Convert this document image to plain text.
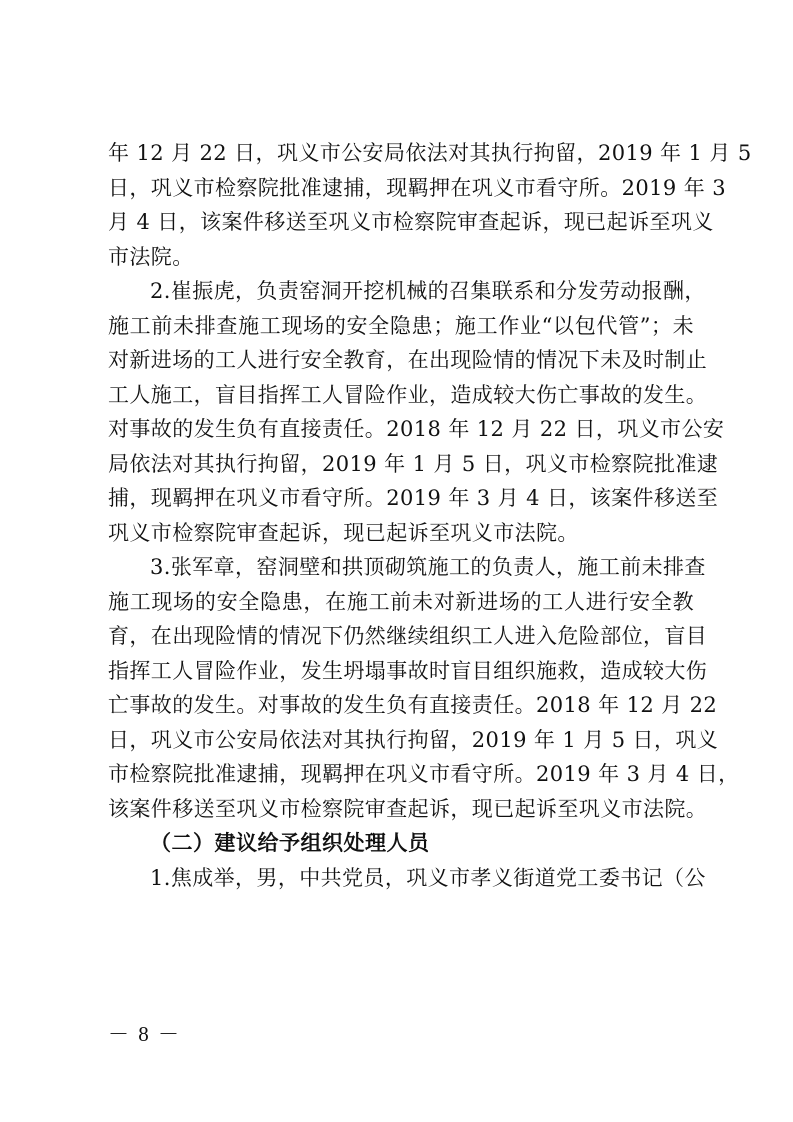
年 12 月 22 日，巩义市公安局依法对其执行拘留，2019 年 1 月 5
日，巩义市检察院批准逮捕，现羁押在巩义市看守所。2019 年 3
月 4 日，该案件移送至巩义市检察院审查起诉，现已起诉至巩义
市法院。

2.崔振虎，负责窑洞开挖机械的召集联系和分发劳动报酬，
施工前未排查施工现场的安全隐患；施工作业“以包代管”；未
对新进场的工人进行安全教育，在出现险情的情况下未及时制止
工人施工，盲目指挥工人冒险作业，造成较大伤亡事故的发生。
对事故的发生负有直接责任。2018 年 12 月 22 日，巩义市公安
局依法对其执行拘留，2019 年 1 月 5 日，巩义市检察院批准逮
捕，现羁押在巩义市看守所。2019 年 3 月 4 日，该案件移送至
巩义市检察院审查起诉，现已起诉至巩义市法院。

3.张军章，窑洞壁和拱顶砌筑施工的负责人，施工前未排查
施工现场的安全隐患，在施工前未对新进场的工人进行安全教
育，在出现险情的情况下仍然继续组织工人进入危险部位，盲目
指挥工人冒险作业，发生坍塌事故时盲目组织施救，造成较大伤
亡事故的发生。对事故的发生负有直接责任。2018 年 12 月 22
日，巩义市公安局依法对其执行拘留，2019 年 1 月 5 日，巩义
市检察院批准逮捕，现羁押在巩义市看守所。2019 年 3 月 4 日，
该案件移送至巩义市检察院审查起诉，现已起诉至巩义市法院。

（二）建议给予组织处理人员

1.焦成举，男，中共党员，巩义市孝义街道党工委书记（公

－ 8 －
